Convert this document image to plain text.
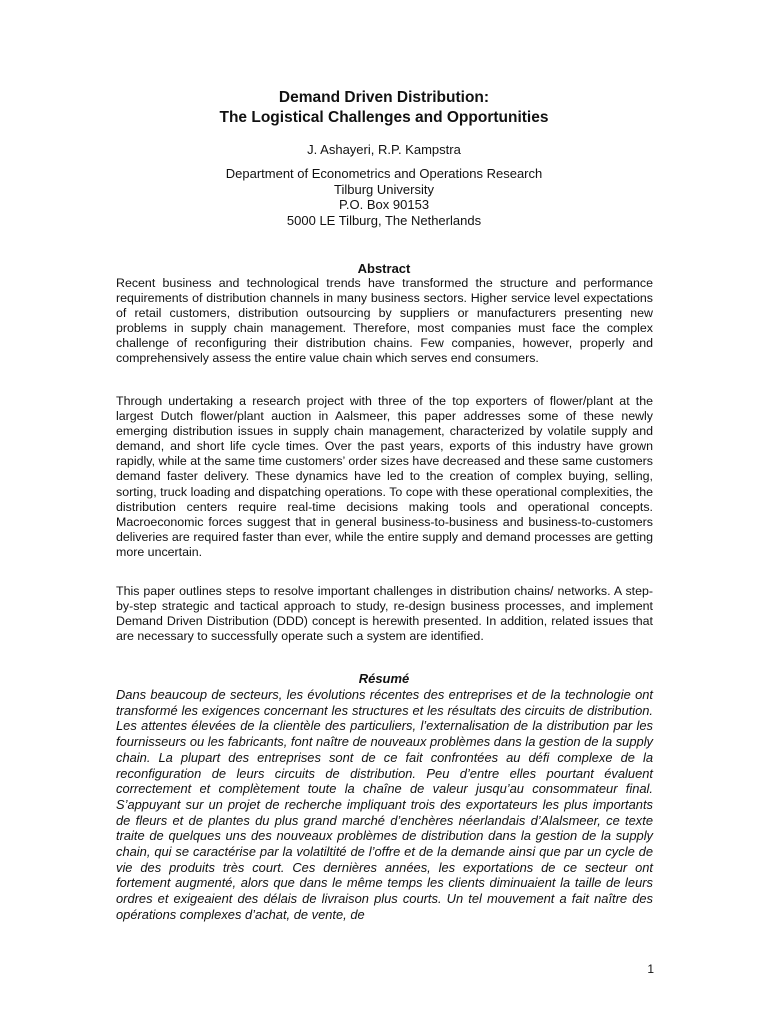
Demand Driven Distribution:
The Logistical Challenges and Opportunities
J. Ashayeri, R.P. Kampstra
Department of Econometrics and Operations Research
Tilburg University
P.O. Box 90153
5000 LE Tilburg, The Netherlands
Abstract

Recent business and technological trends have transformed the structure and performance requirements of distribution channels in many business sectors. Higher service level expectations of retail customers, distribution outsourcing by suppliers or manufacturers presenting new problems in supply chain management. Therefore, most companies must face the complex challenge of reconfiguring their distribution chains. Few companies, however, properly and comprehensively assess the entire value chain which serves end consumers.

Through undertaking a research project with three of the top exporters of flower/plant at the largest Dutch flower/plant auction in Aalsmeer, this paper addresses some of these newly emerging distribution issues in supply chain management, characterized by volatile supply and demand, and short life cycle times. Over the past years, exports of this industry have grown rapidly, while at the same time customers’ order sizes have decreased and these same customers demand faster delivery. These dynamics have led to the creation of complex buying, selling, sorting, truck loading and dispatching operations. To cope with these operational complexities, the distribution centers require real-time decisions making tools and operational concepts. Macroeconomic forces suggest that in general business-to-business and business-to-customers deliveries are required faster than ever, while the entire supply and demand processes are getting more uncertain.

This paper outlines steps to resolve important challenges in distribution chains/ networks. A step-by-step strategic and tactical approach to study, re-design business processes, and implement Demand Driven Distribution (DDD) concept is herewith presented. In addition, related issues that are necessary to successfully operate such a system are identified.

Résumé

Dans beaucoup de secteurs, les évolutions récentes des entreprises et de la technologie ont transformé les exigences concernant les structures et les résultats des circuits de distribution. Les attentes élevées de la clientèle des particuliers, l’externalisation de la distribution par les fournisseurs ou les fabricants, font naître de nouveaux problèmes dans la gestion de la supply chain. La plupart des entreprises sont de ce fait confrontées au défi complexe de la reconfiguration de leurs circuits de distribution. Peu d’entre elles pourtant évaluent correctement et complètement toute la chaîne de valeur jusqu’au consommateur final. S’appuyant sur un projet de recherche impliquant trois des exportateurs les plus importants de fleurs et de plantes du plus grand marché d’enchères néerlandais d’Alalsmeer, ce texte traite de quelques uns des nouveaux problèmes de distribution dans la gestion de la supply chain, qui se caractérise par la volatiltité de l’offre et de la demande ainsi que par un cycle de vie des produits très court. Ces dernières années, les exportations de ce secteur ont fortement augmenté, alors que dans le même temps les clients diminuaient la taille de leurs ordres et exigeaient des délais de livraison plus courts. Un tel mouvement a fait naître des opérations complexes d’achat, de vente, de

1
